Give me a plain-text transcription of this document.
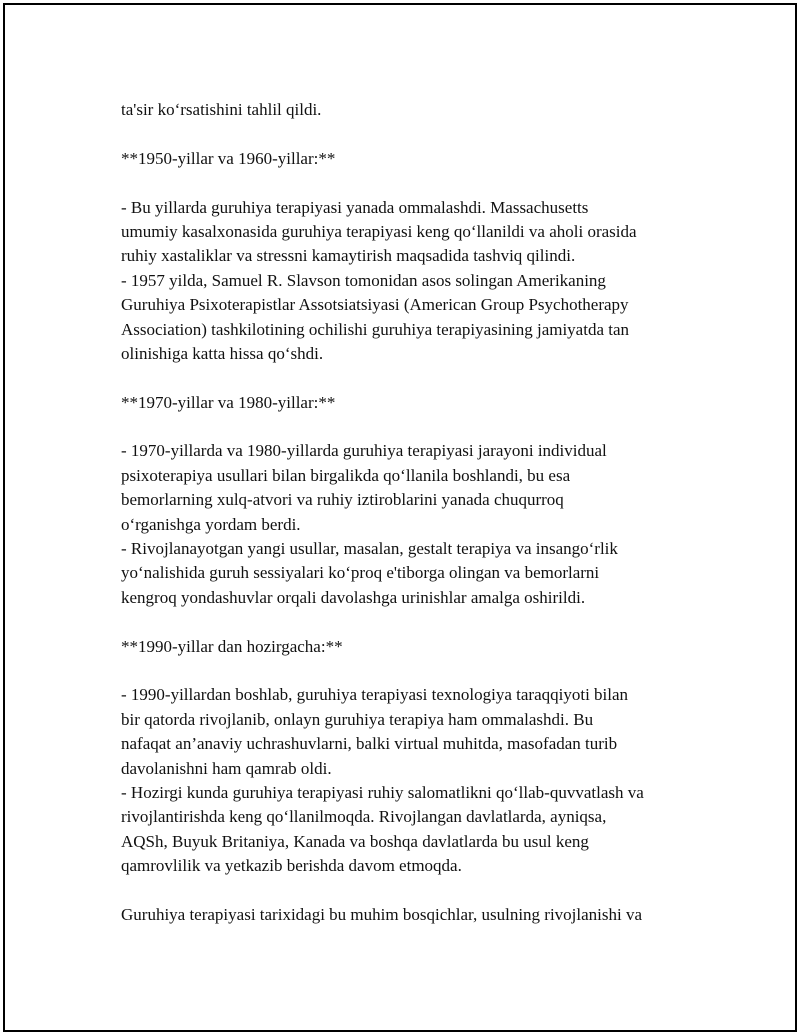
ta'sir ko‘rsatishini tahlil qildi.
**1950-yillar va 1960-yillar:**
- Bu yillarda guruhiya terapiyasi yanada ommalashdi. Massachusetts
umumiy kasalxonasida guruhiya terapiyasi keng qo‘llanildi va aholi orasida
ruhiy xastaliklar va stressni kamaytirish maqsadida tashviq qilindi.
- 1957 yilda, Samuel R. Slavson tomonidan asos solingan Amerikaning
Guruhiya Psixoterapistlar Assotsiatsiyasi (American Group Psychotherapy
Association) tashkilotining ochilishi guruhiya terapiyasining jamiyatda tan
olinishiga katta hissa qo‘shdi.
**1970-yillar va 1980-yillar:**
- 1970-yillarda va 1980-yillarda guruhiya terapiyasi jarayoni individual
psixoterapiya usullari bilan birgalikda qo‘llanila boshlandi, bu esa
bemorlarning xulq-atvori va ruhiy iztiroblarini yanada chuqurroq
o‘rganishga yordam berdi.
- Rivojlanayotgan yangi usullar, masalan, gestalt terapiya va insango‘rlik
yo‘nalishida guruh sessiyalari ko‘proq e'tiborga olingan va bemorlarni
kengroq yondashuvlar orqali davolashga urinishlar amalga oshirildi.
**1990-yillar dan hozirgacha:**
- 1990-yillardan boshlab, guruhiya terapiyasi texnologiya taraqqiyoti bilan
bir qatorda rivojlanib, onlayn guruhiya terapiya ham ommalashdi. Bu
nafaqat an’anaviy uchrashuvlarni, balki virtual muhitda, masofadan turib
davolanishni ham qamrab oldi.
- Hozirgi kunda guruhiya terapiyasi ruhiy salomatlikni qo‘llab-quvvatlash va
rivojlantirishda keng qo‘llanilmoqda. Rivojlangan davlatlarda, ayniqsa,
AQSh, Buyuk Britaniya, Kanada va boshqa davlatlarda bu usul keng
qamrovlilik va yetkazib berishda davom etmoqda.
Guruhiya terapiyasi tarixidagi bu muhim bosqichlar, usulning rivojlanishi va
